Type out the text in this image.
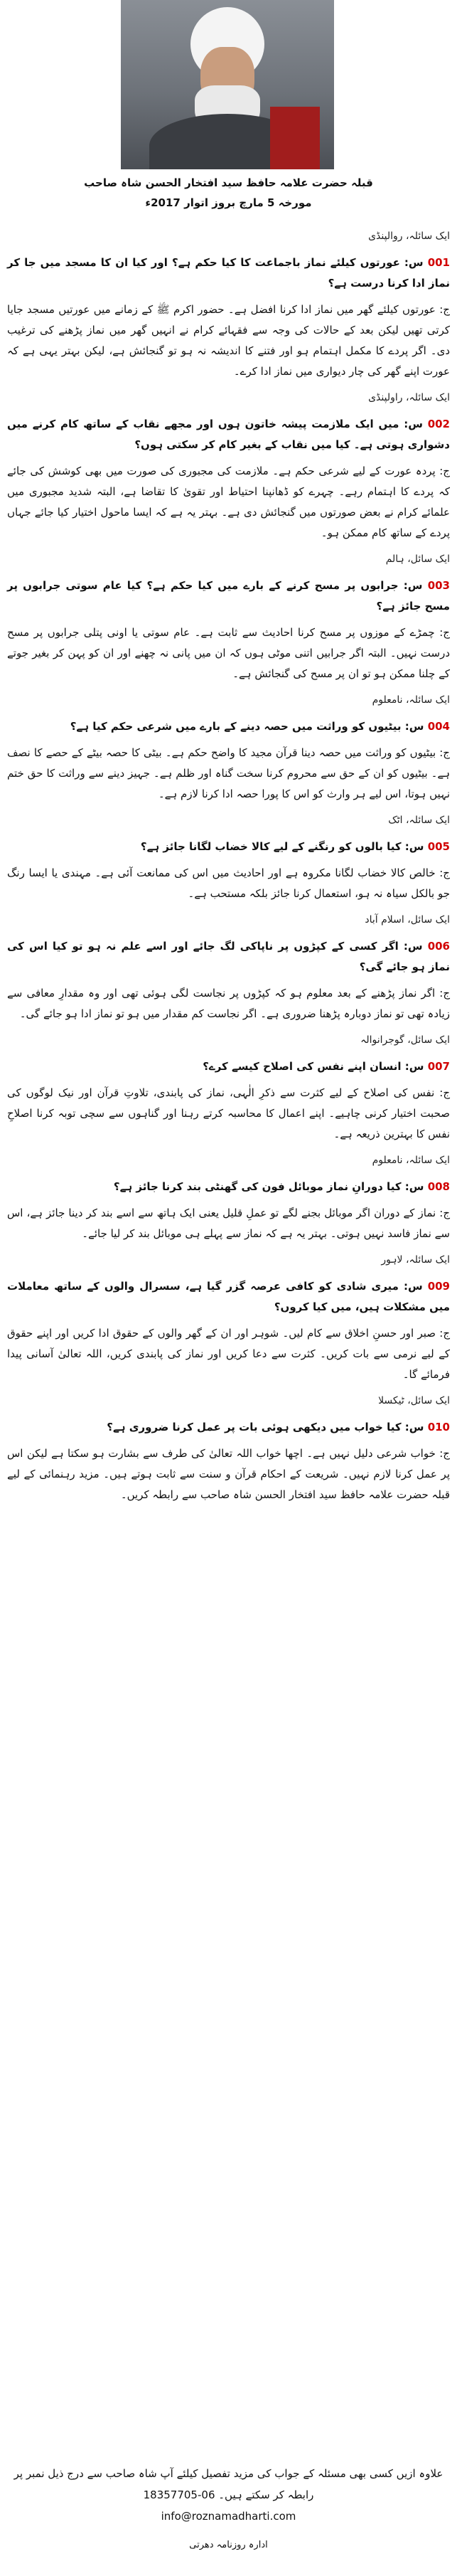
قبلہ حضرت علامہ حافظ سید افتخار الحسن شاہ صاحب
مورخہ 5 مارچ بروز اتوار 2017ء

ایک سائلہ، روالپنڈی

001 س: عورتوں کیلئے نماز باجماعت کا کیا حکم ہے؟ اور کیا ان کا مسجد میں جا کر نماز ادا کرنا درست ہے؟

ج: عورتوں کیلئے گھر میں نماز ادا کرنا افضل ہے۔ حضور اکرم ﷺ کے زمانے میں عورتیں مسجد جایا کرتی تھیں لیکن بعد کے حالات کی وجہ سے فقہائے کرام نے انہیں گھر میں نماز پڑھنے کی ترغیب دی۔ اگر پردے کا مکمل اہتمام ہو اور فتنے کا اندیشہ نہ ہو تو گنجائش ہے، لیکن بہتر یہی ہے کہ عورت اپنے گھر کی چار دیواری میں نماز ادا کرے۔

ایک سائلہ، راولپنڈی

002 س: میں ایک ملازمت پیشہ خاتون ہوں اور مجھے نقاب کے ساتھ کام کرنے میں دشواری ہوتی ہے۔ کیا میں نقاب کے بغیر کام کر سکتی ہوں؟

ج: پردہ عورت کے لیے شرعی حکم ہے۔ ملازمت کی مجبوری کی صورت میں بھی کوشش کی جائے کہ پردے کا اہتمام رہے۔ چہرے کو ڈھانپنا احتیاط اور تقویٰ کا تقاضا ہے، البتہ شدید مجبوری میں علمائے کرام نے بعض صورتوں میں گنجائش دی ہے۔ بہتر یہ ہے کہ ایسا ماحول اختیار کیا جائے جہاں پردے کے ساتھ کام ممکن ہو۔

ایک سائل، ہالم

003 س: جرابوں پر مسح کرنے کے بارے میں کیا حکم ہے؟ کیا عام سوتی جرابوں پر مسح جائز ہے؟

ج: چمڑے کے موزوں پر مسح کرنا احادیث سے ثابت ہے۔ عام سوتی یا اونی پتلی جرابوں پر مسح درست نہیں۔ البتہ اگر جرابیں اتنی موٹی ہوں کہ ان میں پانی نہ چھنے اور ان کو پہن کر بغیر جوتے کے چلنا ممکن ہو تو ان پر مسح کی گنجائش ہے۔

ایک سائلہ، نامعلوم

004 س: بیٹیوں کو وراثت میں حصہ دینے کے بارے میں شرعی حکم کیا ہے؟

ج: بیٹیوں کو وراثت میں حصہ دینا قرآن مجید کا واضح حکم ہے۔ بیٹی کا حصہ بیٹے کے حصے کا نصف ہے۔ بیٹیوں کو ان کے حق سے محروم کرنا سخت گناہ اور ظلم ہے۔ جہیز دینے سے وراثت کا حق ختم نہیں ہوتا، اس لیے ہر وارث کو اس کا پورا حصہ ادا کرنا لازم ہے۔

ایک سائلہ، اٹک

005 س: کیا بالوں کو رنگنے کے لیے کالا خضاب لگانا جائز ہے؟

ج: خالص کالا خضاب لگانا مکروہ ہے اور احادیث میں اس کی ممانعت آئی ہے۔ مہندی یا ایسا رنگ جو بالکل سیاہ نہ ہو، استعمال کرنا جائز بلکہ مستحب ہے۔

ایک سائل، اسلام آباد

006 س: اگر کسی کے کپڑوں پر ناپاکی لگ جائے اور اسے علم نہ ہو تو کیا اس کی نماز ہو جائے گی؟

ج: اگر نماز پڑھنے کے بعد معلوم ہو کہ کپڑوں پر نجاست لگی ہوئی تھی اور وہ مقدارِ معافی سے زیادہ تھی تو نماز دوبارہ پڑھنا ضروری ہے۔ اگر نجاست کم مقدار میں ہو تو نماز ادا ہو جائے گی۔

ایک سائل، گوجرانوالہ

007 س: انسان اپنے نفس کی اصلاح کیسے کرے؟

ج: نفس کی اصلاح کے لیے کثرت سے ذکرِ الٰہی، نماز کی پابندی، تلاوتِ قرآن اور نیک لوگوں کی صحبت اختیار کرنی چاہیے۔ اپنے اعمال کا محاسبہ کرتے رہنا اور گناہوں سے سچی توبہ کرنا اصلاحِ نفس کا بہترین ذریعہ ہے۔

ایک سائلہ، نامعلوم

008 س: کیا دورانِ نماز موبائل فون کی گھنٹی بند کرنا جائز ہے؟

ج: نماز کے دوران اگر موبائل بجنے لگے تو عملِ قلیل یعنی ایک ہاتھ سے اسے بند کر دینا جائز ہے، اس سے نماز فاسد نہیں ہوتی۔ بہتر یہ ہے کہ نماز سے پہلے ہی موبائل بند کر لیا جائے۔

ایک سائلہ، لاہور

009 س: میری شادی کو کافی عرصہ گزر گیا ہے، سسرال والوں کے ساتھ معاملات میں مشکلات ہیں، میں کیا کروں؟

ج: صبر اور حسنِ اخلاق سے کام لیں۔ شوہر اور ان کے گھر والوں کے حقوق ادا کریں اور اپنے حقوق کے لیے نرمی سے بات کریں۔ کثرت سے دعا کریں اور نماز کی پابندی کریں، اللہ تعالیٰ آسانی پیدا فرمائے گا۔

ایک سائل، ٹیکسلا

010 س: کیا خواب میں دیکھی ہوئی بات پر عمل کرنا ضروری ہے؟

ج: خواب شرعی دلیل نہیں ہے۔ اچھا خواب اللہ تعالیٰ کی طرف سے بشارت ہو سکتا ہے لیکن اس پر عمل کرنا لازم نہیں۔ شریعت کے احکام قرآن و سنت سے ثابت ہوتے ہیں۔ مزید رہنمائی کے لیے قبلہ حضرت علامہ حافظ سید افتخار الحسن شاہ صاحب سے رابطہ کریں۔

علاوہ ازیں کسی بھی مسئلہ کے جواب کی مزید تفصیل کیلئے آپ شاہ صاحب سے درج ذیل نمبر پر
رابطہ کر سکتے ہیں۔ 06-18357705
info@roznamadharti.com
ادارہ روزنامہ دھرتی
